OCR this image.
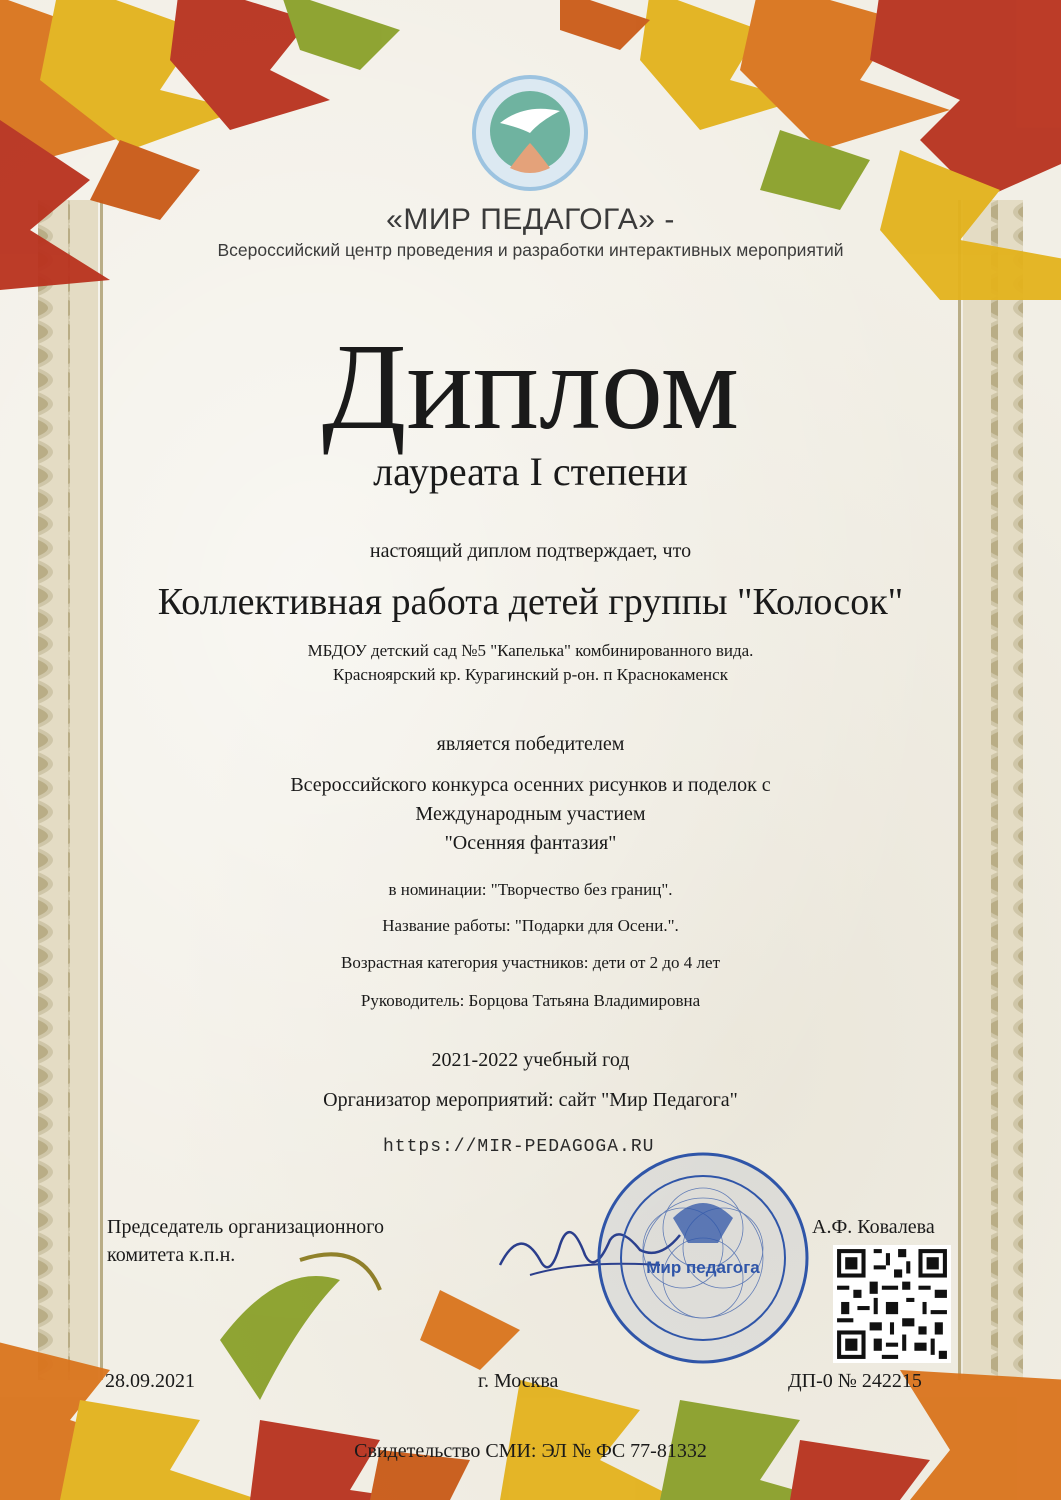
«МИР ПЕДАГОГА» -
Всероссийский центр проведения и разработки интерактивных мероприятий
Диплом
лауреата I степени
настоящий диплом подтверждает, что
Коллективная работа детей группы "Колосок"
МБДОУ детский сад №5 "Капелька" комбинированного вида.
Красноярский кр. Курагинский р-он. п Краснокаменск
является победителем
Всероссийского конкурса осенних рисунков и поделок с
Международным участием
"Осенняя фантазия"
в номинации: "Творчество без границ".
Название работы: "Подарки для Осени.".
Возрастная категория участников: дети от 2 до 4 лет
Руководитель: Борцова Татьяна Владимировна
2021-2022 учебный год
Организатор мероприятий: сайт "Мир Педагога"
https://MIR-PEDAGOGA.RU
Председатель организационного
комитета к.п.н.
А.Ф. Ковалева
Мир педагога
28.09.2021	г. Москва	ДП-0 № 242215
Свидетельство СМИ: ЭЛ № ФС 77-81332
